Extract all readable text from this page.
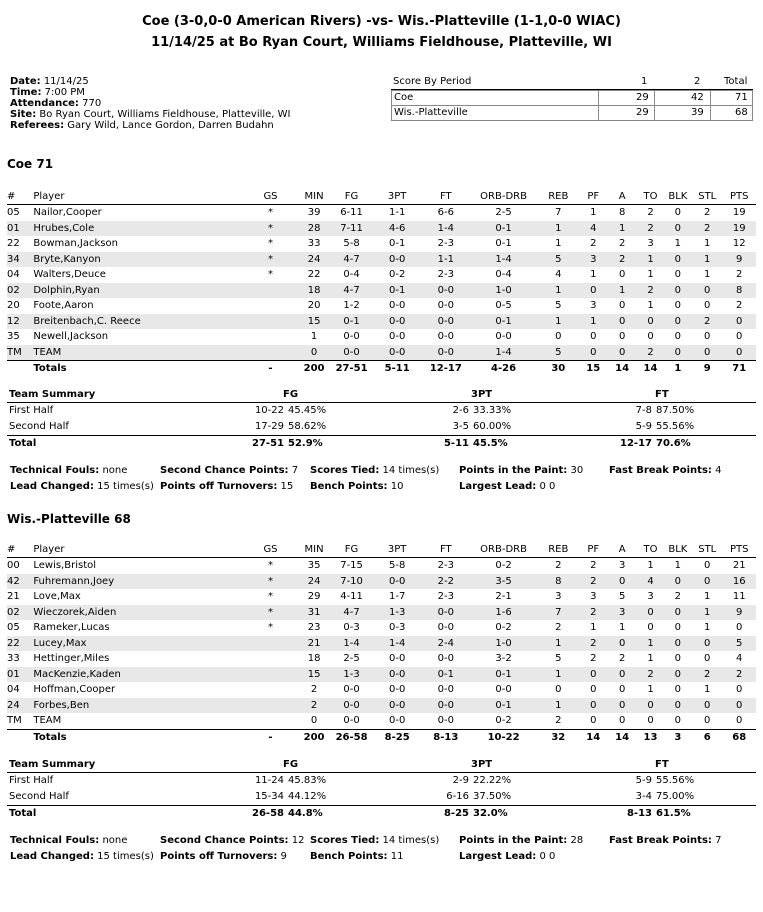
Coe (3-0,0-0 American Rivers) -vs- Wis.-Platteville (1-1,0-0 WIAC)
11/14/25 at Bo Ryan Court, Williams Fieldhouse, Platteville, WI
Date: 11/14/25
Time: 7:00 PM
Attendance: 770
Site: Bo Ryan Court, Williams Fieldhouse, Platteville, WI
Referees: Gary Wild, Lance Gordon, Darren Budahn
Score By Period	1	2 Total
Coe	29	42	71
Wis.-Platteville	29	39	68
Coe 71
#	Player	GS	MIN	FG	3PT	FT	ORB-DRB	REB	PF	A	TO	BLK	STL	PTS
05	Nailor,Cooper	*	39	6-11	1-1	6-6	2-5	7	1	8	2	0	2	19
01	Hrubes,Cole	*	28	7-11	4-6	1-4	0-1	1	4	1	2	0	2	19
22	Bowman,Jackson	*	33	5-8	0-1	2-3	0-1	1	2	2	3	1	1	12
34	Bryte,Kanyon	*	24	4-7	0-0	1-1	1-4	5	3	2	1	0	1	9
04	Walters,Deuce	*	22	0-4	0-2	2-3	0-4	4	1	0	1	0	1	2
02	Dolphin,Ryan		18	4-7	0-1	0-0	1-0	1	0	1	2	0	0	8
20	Foote,Aaron		20	1-2	0-0	0-0	0-5	5	3	0	1	0	0	2
12	Breitenbach,C. Reece		15	0-1	0-0	0-0	0-1	1	1	0	0	0	2	0
35	Newell,Jackson		1	0-0	0-0	0-0	0-0	0	0	0	0	0	0	0
TM	TEAM		0	0-0	0-0	0-0	1-4	5	0	0	2	0	0	0
	Totals	-	200	27-51	5-11	12-17	4-26	30	15	14	14	1	9	71
Team Summary	FG	3PT	FT
First Half	10-22 45.45%	2-6 33.33%	7-8 87.50%
Second Half	17-29 58.62%	3-5 60.00%	5-9 55.56%
Total	27-51 52.9%	5-11 45.5%	12-17 70.6%
Technical Fouls: none	Second Chance Points: 7 Scores Tied: 14 times(s) Points in the Paint: 30	Fast Break Points: 4
Lead Changed: 15 times(s) Points off Turnovers: 15 Bench Points: 10	Largest Lead: 0 0
Wis.-Platteville 68
#	Player	GS	MIN	FG	3PT	FT	ORB-DRB	REB	PF	A	TO	BLK	STL	PTS
00	Lewis,Bristol	*	35	7-15	5-8	2-3	0-2	2	2	3	1	1	0	21
42	Fuhremann,Joey	*	24	7-10	0-0	2-2	3-5	8	2	0	4	0	0	16
21	Love,Max	*	29	4-11	1-7	2-3	2-1	3	3	5	3	2	1	11
02	Wieczorek,Aiden	*	31	4-7	1-3	0-0	1-6	7	2	3	0	0	1	9
05	Rameker,Lucas	*	23	0-3	0-3	0-0	0-2	2	1	1	0	0	1	0
22	Lucey,Max		21	1-4	1-4	2-4	1-0	1	2	0	1	0	0	5
33	Hettinger,Miles		18	2-5	0-0	0-0	3-2	5	2	2	1	0	0	4
01	MacKenzie,Kaden		15	1-3	0-0	0-1	0-1	1	0	0	2	0	2	2
04	Hoffman,Cooper		2	0-0	0-0	0-0	0-0	0	0	0	1	0	1	0
24	Forbes,Ben		2	0-0	0-0	0-0	0-1	1	0	0	0	0	0	0
TM	TEAM		0	0-0	0-0	0-0	0-2	2	0	0	0	0	0	0
	Totals	-	200	26-58	8-25	8-13	10-22	32	14	14	13	3	6	68
Team Summary	FG	3PT	FT
First Half	11-24 45.83%	2-9 22.22%	5-9 55.56%
Second Half	15-34 44.12%	6-16 37.50%	3-4 75.00%
Total	26-58 44.8%	8-25 32.0%	8-13 61.5%
Technical Fouls: none	Second Chance Points: 12 Scores Tied: 14 times(s) Points in the Paint: 28	Fast Break Points: 7
Lead Changed: 15 times(s) Points off Turnovers: 9 Bench Points: 11	Largest Lead: 0 0
